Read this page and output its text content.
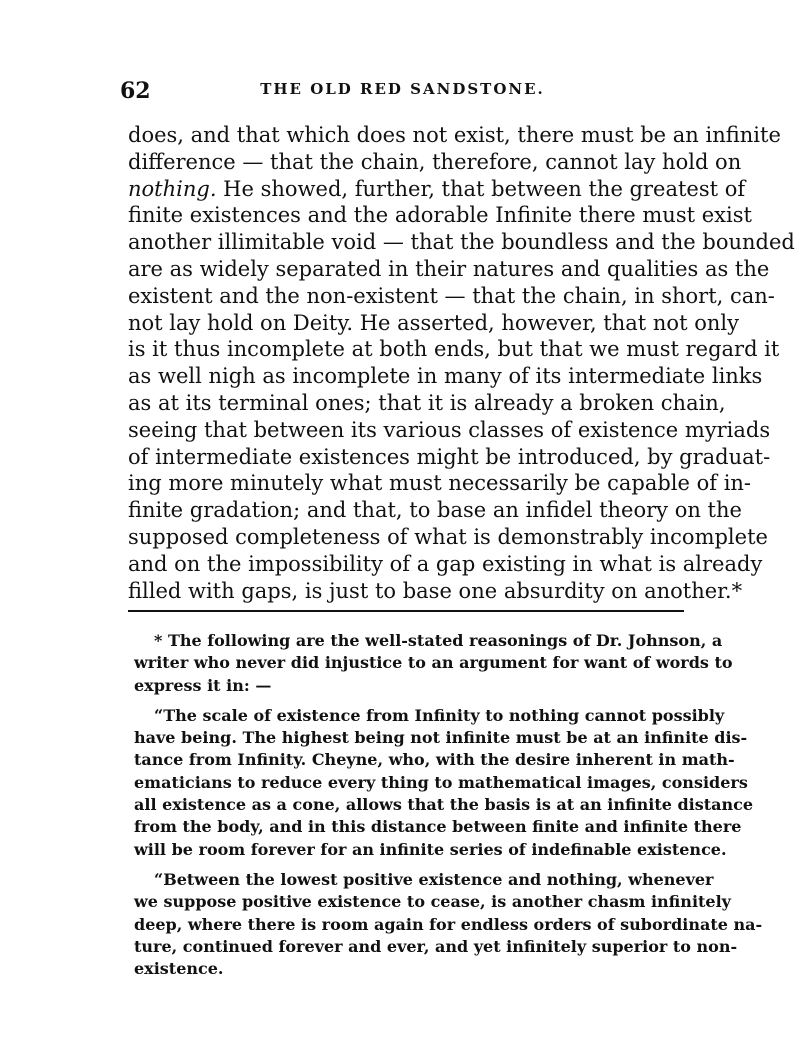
62	THE OLD RED SANDSTONE.
does, and that which does not exist, there must be an infinite
difference — that the chain, therefore, cannot lay hold on
nothing. He showed, further, that between the greatest of
finite existences and the adorable Infinite there must exist
another illimitable void — that the boundless and the bounded
are as widely separated in their natures and qualities as the
existent and the non-existent — that the chain, in short, can-
not lay hold on Deity. He asserted, however, that not only
is it thus incomplete at both ends, but that we must regard it
as well nigh as incomplete in many of its intermediate links
as at its terminal ones; that it is already a broken chain,
seeing that between its various classes of existence myriads
of intermediate existences might be introduced, by graduat-
ing more minutely what must necessarily be capable of in-
finite gradation; and that, to base an infidel theory on the
supposed completeness of what is demonstrably incomplete
and on the impossibility of a gap existing in what is already
filled with gaps, is just to base one absurdity on another.*
* The following are the well-stated reasonings of Dr. Johnson, a
writer who never did injustice to an argument for want of words to
express it in: —
“The scale of existence from Infinity to nothing cannot possibly
have being. The highest being not infinite must be at an infinite dis-
tance from Infinity. Cheyne, who, with the desire inherent in math-
ematicians to reduce every thing to mathematical images, considers
all existence as a cone, allows that the basis is at an infinite distance
from the body, and in this distance between finite and infinite there
will be room forever for an infinite series of indefinable existence.
“Between the lowest positive existence and nothing, whenever
we suppose positive existence to cease, is another chasm infinitely
deep, where there is room again for endless orders of subordinate na-
ture, continued forever and ever, and yet infinitely superior to non-
existence.
